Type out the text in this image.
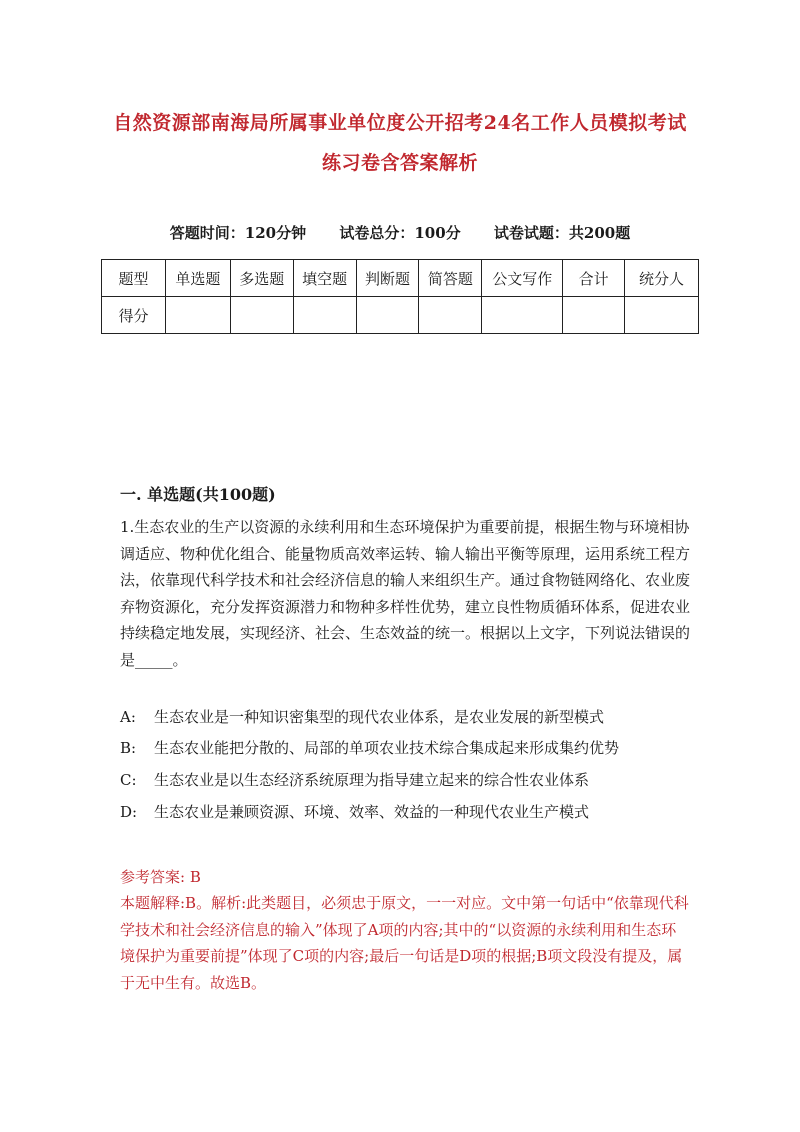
自然资源部南海局所属事业单位度公开招考24名工作人员模拟考试
练习卷含答案解析
答题时间：120分钟 试卷总分：100分 试卷试题：共200题
题型	单选题	多选题	填空题	判断题	简答题	公文写作	合计	统分人
得分								
一. 单选题(共100题)
1.生态农业的生产以资源的永续利用和生态环境保护为重要前提，根据生物与环境相协调适应、物种优化组合、能量物质高效率运转、输人输出平衡等原理，运用系统工程方法，依靠现代科学技术和社会经济信息的输人来组织生产。通过食物链网络化、农业废弃物资源化，充分发挥资源潜力和物种多样性优势，建立良性物质循环体系，促进农业持续稳定地发展，实现经济、社会、生态效益的统一。根据以上文字，下列说法错误的是_____。
A: 生态农业是一种知识密集型的现代农业体系，是农业发展的新型模式
B: 生态农业能把分散的、局部的单项农业技术综合集成起来形成集约优势
C: 生态农业是以生态经济系统原理为指导建立起来的综合性农业体系
D: 生态农业是兼顾资源、环境、效率、效益的一种现代农业生产模式
参考答案: B
本题解释:B。解析:此类题目，必须忠于原文，一一对应。文中第一句话中“依靠现代科学技术和社会经济信息的输入”体现了A项的内容;其中的“以资源的永续利用和生态环境保护为重要前提”体现了C项的内容;最后一句话是D项的根据;B项文段没有提及，属于无中生有。故选B。
